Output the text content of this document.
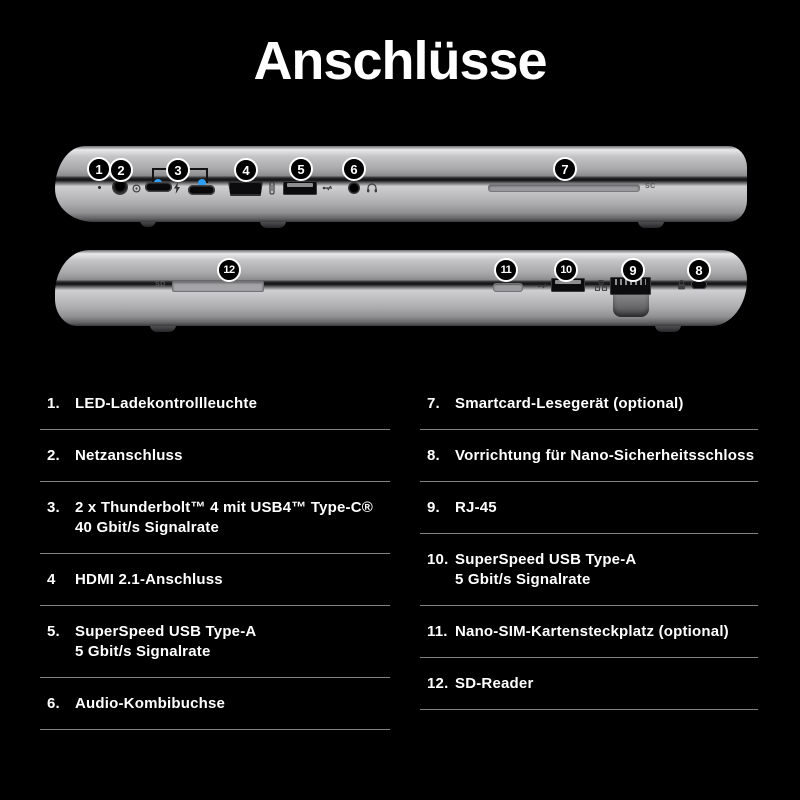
Anschlüsse
SC
SD
1.	LED-Ladekontrollleuchte
2.	Netzanschluss
3.	2 x Thunderbolt™ 4 mit USB4™ Type-C®
40 Gbit/s Signalrate
4	HDMI 2.1-Anschluss
5.	SuperSpeed USB Type-A
5 Gbit/s Signalrate
6.	Audio-Kombibuchse
7.	Smartcard-Lesegerät (optional)
8.	Vorrichtung für Nano-Sicherheitsschloss
9.	RJ-45
10. SuperSpeed USB Type-A
5 Gbit/s Signalrate
11. Nano-SIM-Kartensteckplatz (optional)
12. SD-Reader
1	2	3	4	5	6	7
8
9
10
11
12
